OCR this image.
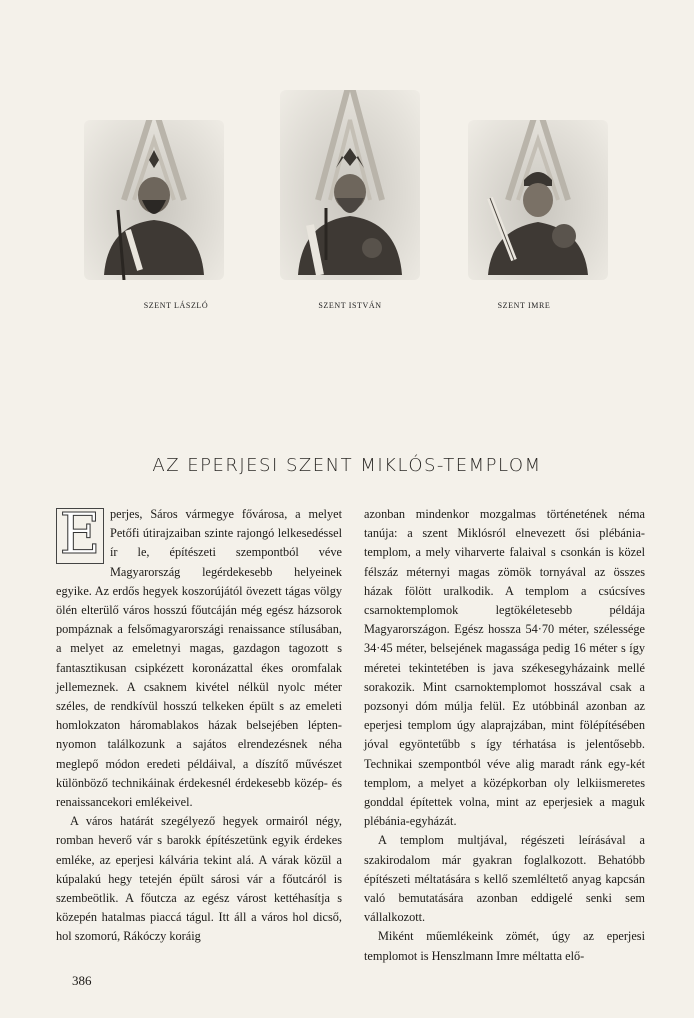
SZENT LÁSZLÓ	SZENT ISTVÁN	SZENT IMRE
AZ EPERJESI SZENT MIKLÓS-TEMPLOM

E perjes, Sáros vármegye fővárosa, a melyet Petőfi útirajzaiban szinte rajongó lelkesedéssel ír le, építészeti szempontból véve Magyarország legérdekesebb helyeinek egyike. Az erdős hegyek koszorújától övezett tágas völgy ölén elterülő város hosszú főutcáján még egész házsorok pompáznak a felsőmagyarországi renaissance stílusában, a melyet az emeletnyi magas, gazdagon tagozott s fantasztikusan csipkézett koronázattal ékes oromfalak jellemeznek. A csaknem kivétel nélkül nyolc méter széles, de rendkívül hosszú telkeken épült s az emeleti homlokzaton háromablakos házak belsejében lépten-nyomon találkozunk a sajátos elrendezésnek néha meglepő módon eredeti példáival, a díszítő művészet különböző technikáinak érdekesnél érdekesebb közép- és renaissancekori emlékeivel.

A város határát szegélyező hegyek ormairól négy, romban heverő vár s barokk építészetünk egyik érdekes emléke, az eperjesi kálvária tekint alá. A várak közül a kúpalakú hegy tetején épült sárosi vár a főutcáról is szembeötlik. A főutcza az egész várost kettéhasítja s közepén hatalmas piaccá tágul. Itt áll a város hol dicső, hol szomorú, Rákóczy koráig

azonban mindenkor mozgalmas történetének néma tanúja: a szent Miklósról elnevezett ősi plébánia-templom, a mely viharverte falaival s csonkán is közel félszáz méternyi magas zömök tornyával az összes házak fölött uralkodik. A templom a csúcsíves csarnoktemplomok legtökéletesebb példája Magyarországon. Egész hossza 54·70 méter, szélessége 34·45 méter, belsejének magassága pedig 16 méter s így méretei tekintetében is java székesegyházaink mellé sorakozik. Mint csarnoktemplomot hosszával csak a pozsonyi dóm múlja felül. Ez utóbbinál azonban az eperjesi templom úgy alaprajzában, mint fölépítésében jóval egyöntetűbb s így térhatása is jelentősebb. Technikai szempontból véve alig maradt ránk egy-két templom, a melyet a középkorban oly lelkiismeretes gonddal építettek volna, mint az eperjesiek a maguk plébánia-egyházát.

A templom multjával, régészeti leírásával a szakirodalom már gyakran foglalkozott. Behatóbb építészeti méltatására s kellő szemléltető anyag kapcsán való bemutatására azonban eddigelé senki sem vállalkozott.

Miként műemlékeink zömét, úgy az eperjesi templomot is Henszlmann Imre méltatta elő-

386
